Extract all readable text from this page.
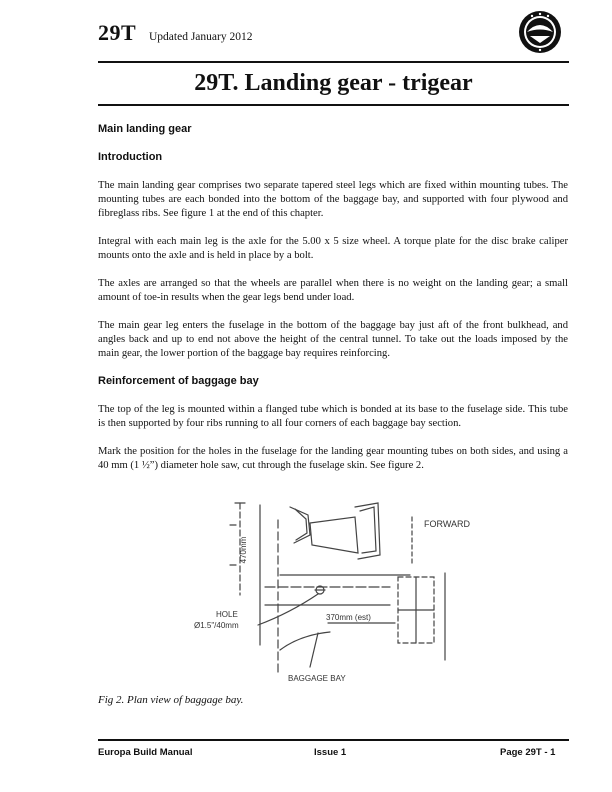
29T Updated January 2012
29T. Landing gear - trigear
Main landing gear
Introduction

The main landing gear comprises two separate tapered steel legs which are fixed within mounting tubes. The mounting tubes are each bonded into the bottom of the baggage bay, and supported with four plywood and fibreglass ribs. See figure 1 at the end of this chapter.

Integral with each main leg is the axle for the 5.00 x 5 size wheel. A torque plate for the disc brake caliper mounts onto the axle and is held in place by a bolt.

The axles are arranged so that the wheels are parallel when there is no weight on the landing gear; a small amount of toe-in results when the gear legs bend under load.

The main gear leg enters the fuselage in the bottom of the baggage bay just aft of the front bulkhead, and angles back and up to end not above the height of the central tunnel. To take out the loads imposed by the main gear, the lower portion of the baggage bay requires reinforcing.

Reinforcement of baggage bay

The top of the leg is mounted within a flanged tube which is bonded at its base to the fuselage side. This tube is then supported by four ribs running to all four corners of each baggage bay section.

Mark the position for the holes in the fuselage for the landing gear mounting tubes on both sides, and using a 40 mm (1 ½”) diameter hole saw, cut through the fuselage skin. See figure 2.

FORWARD
470mm
HOLE
Ø1.5"/40mm
370mm (est)
BAGGAGE BAY
Fig 2. Plan view of baggage bay.
Europa Build Manual	Issue 1	Page 29T - 1
